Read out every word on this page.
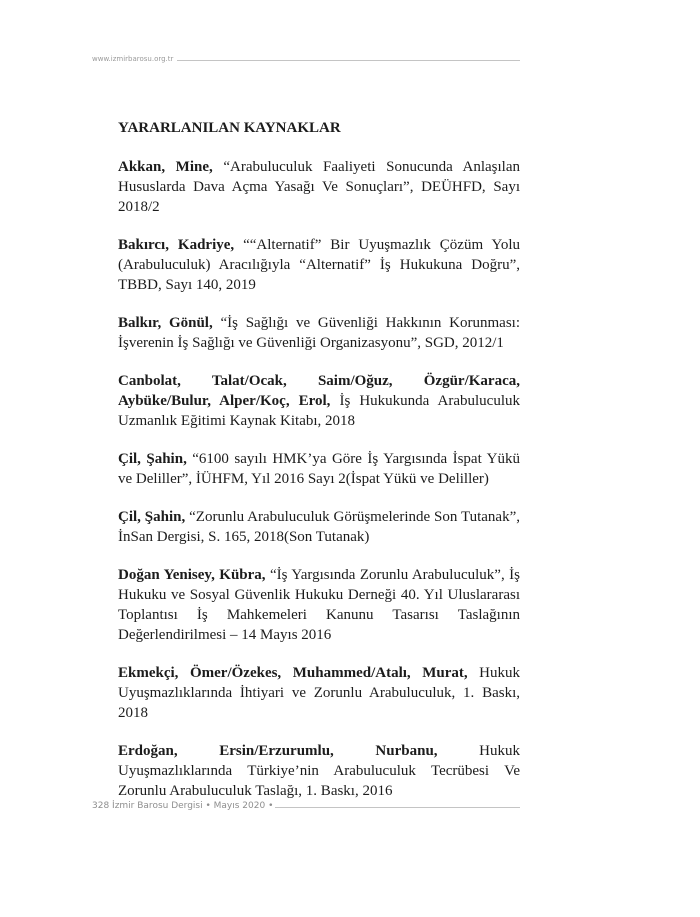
www.izmirbarosu.org.tr
YARARLANILAN KAYNAKLAR

Akkan, Mine, “Arabuluculuk Faaliyeti Sonucunda Anlaşılan Hususlarda Dava Açma Yasağı Ve Sonuçları”, DEÜHFD, Sayı 2018/2

Bakırcı, Kadriye, ““Alternatif” Bir Uyuşmazlık Çözüm Yolu (Arabuluculuk) Aracılığıyla “Alternatif” İş Hukukuna Doğru”, TBBD, Sayı 140, 2019

Balkır, Gönül, “İş Sağlığı ve Güvenliği Hakkının Korunması: İşverenin İş Sağlığı ve Güvenliği Organizasyonu”, SGD, 2012/1

Canbolat, Talat/Ocak, Saim/Oğuz, Özgür/Karaca, Aybüke/Bulur, Alper/Koç, Erol, İş Hukukunda Arabuluculuk Uzmanlık Eğitimi Kaynak Kitabı, 2018

Çil, Şahin, “6100 sayılı HMK’ya Göre İş Yargısında İspat Yükü ve Deliller”, İÜHFM, Yıl 2016 Sayı 2(İspat Yükü ve Deliller)

Çil, Şahin, “Zorunlu Arabuluculuk Görüşmelerinde Son Tutanak”, İnSan Dergisi, S. 165, 2018(Son Tutanak)

Doğan Yenisey, Kübra, “İş Yargısında Zorunlu Arabuluculuk”, İş Hukuku ve Sosyal Güvenlik Hukuku Derneği 40. Yıl Uluslararası Toplantısı İş Mahkemeleri Kanunu Tasarısı Taslağının Değerlendirilmesi – 14 Mayıs 2016

Ekmekçi, Ömer/Özekes, Muhammed/Atalı, Murat, Hukuk Uyuşmazlıklarında İhtiyari ve Zorunlu Arabuluculuk, 1. Baskı, 2018

Erdoğan, Ersin/Erzurumlu, Nurbanu, Hukuk Uyuşmazlıklarında Türkiye’nin Arabuluculuk Tecrübesi Ve Zorunlu Arabuluculuk Taslağı, 1. Baskı, 2016

328 İzmir Barosu Dergisi • Mayıs 2020 •
